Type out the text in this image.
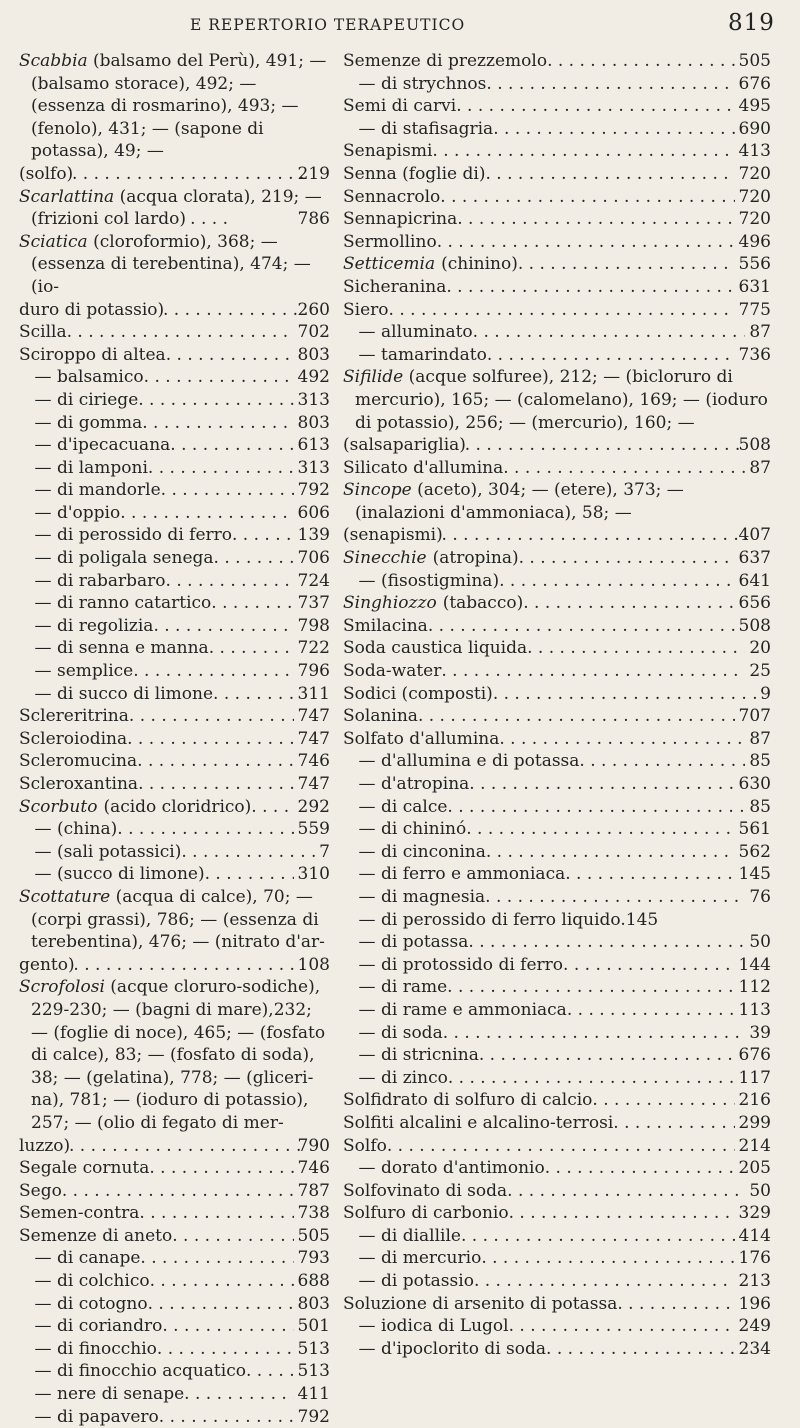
E REPERTORIO TERAPEUTICO	819

Scabbia (balsamo del Perù), 491; — (balsamo storace), 492; — (essenza di rosmarino), 493; — (fenolo), 431; — (sapone di potassa), 49; —
(solfo) . . .	219

Scarlattina (acqua clorata), 219; — (frizioni col lardo) . . .	786

Sciatica (cloroformio), 368; — (essenza di terebentina), 474; — (io-
duro di potassio) . . .	260

Scilla . . .	702
Sciroppo di altea . . .	803
— balsamico . . .	492
— di ciriege . . .	313
— di gomma . . .	803
— d'ipecacuana . . .	613
— di lamponi . . .	313
— di mandorle . . .	792
— d'oppio . . .	606
— di perossido di ferro . . .	139
— di poligala senega . . .	706
— di rabarbaro . . .	724
— di ranno catartico . . .	737
— di regolizia . . .	798
— di senna e manna . . .	722
— semplice . . .	796
— di succo di limone . . .	311
Sclereritrina . . .	747
Scleroiodina . . .	747
Scleromucina . . .	746
Scleroxantina . . .	747
Scorbuto (acido cloridrico) . . .	292
— (china) . . .	559
— (sali potassici) . . .	7
— (succo di limone) . . .	310

Scottature (acqua di calce), 70; — (corpi grassi), 786; — (essenza di terebentina), 476; — (nitrato d'ar-
gento) . . .	108

Scrofolosi (acque cloruro-sodiche), 229-230; — (bagni di mare),232; — (foglie di noce), 465; — (fosfato di calce), 83; — (fosfato di soda), 38; — (gelatina), 778; — (gliceri- na), 781; — (ioduro di potassio), 257; — (olio di fegato di mer-
luzzo) . . .	790

Segale cornuta . . .	746
Sego . . .	787
Semen-contra . . .	738
Semenze di aneto . . .	505
— di canape . . .	793
— di colchico . . .	688
— di cotogno . . .	803
— di coriandro . . .	501
— di finocchio . . .	513
— di finocchio acquatico . . .	513
— nere di senape . . .	411
— di papavero . . .	792
Semenze di prezzemolo . . .	505
— di strychnos . . .	676
Semi di carvi . . .	495
— di stafisagria . . .	690
Senapismi . . .	413
Senna (foglie di) . . .	720
Sennacrolo . . .	720
Sennapicrina . . .	720
Sermollino . . .	496
Setticemia (chinino) . . .	556
Sicheranina . . .	631
Siero . . .	775
— alluminato . . .	87
— tamarindato . . .	736

Sifilide (acque solfuree), 212; — (bicloruro di mercurio), 165; — (calomelano), 169; — (ioduro di potassio), 256; — (mercurio), 160; —
(salsapariglia) . . .	508

Silicato d'allumina . . .	87

Sincope (aceto), 304; — (etere), 373; — (inalazioni d'ammoniaca), 58; —
(senapismi) . . .	407

Sinecchie (atropina) . . .	637
— (fisostigmina) . . .	641
Singhiozzo (tabacco) . . .	656
Smilacina . . .	508
Soda caustica liquida . . .	20
Soda-water . . .	25
Sodici (composti) . . .	9
Solanina . . .	707
Solfato d'allumina . . .	87
— d'allumina e di potassa . . .	85
— d'atropina . . .	630
— di calce . . .	85
— di chininó . . .	561
— di cinconina . . .	562
— di ferro e ammoniaca . . .	145
— di magnesia . . .	76
— di perossido di ferro liquido. 145
— di potassa . . .	50
— di protossido di ferro . . .	144
— di rame . . .	112
— di rame e ammoniaca . . .	113
— di soda . . .	39
— di stricnina . . .	676
— di zinco . . .	117
Solfidrato di solfuro di calcio . . .	216
Solfiti alcalini e alcalino-terrosi . . .	299
Solfo . . .	214
— dorato d'antimonio . . .	205
Solfovinato di soda . . .	50
Solfuro di carbonio . . .	329
— di diallile . . .	414
— di mercurio . . .	176
— di potassio . . .	213
Soluzione di arsenito di potassa . . .	196
— iodica di Lugol . . .	249
— d'ipoclorito di soda . . .	234
